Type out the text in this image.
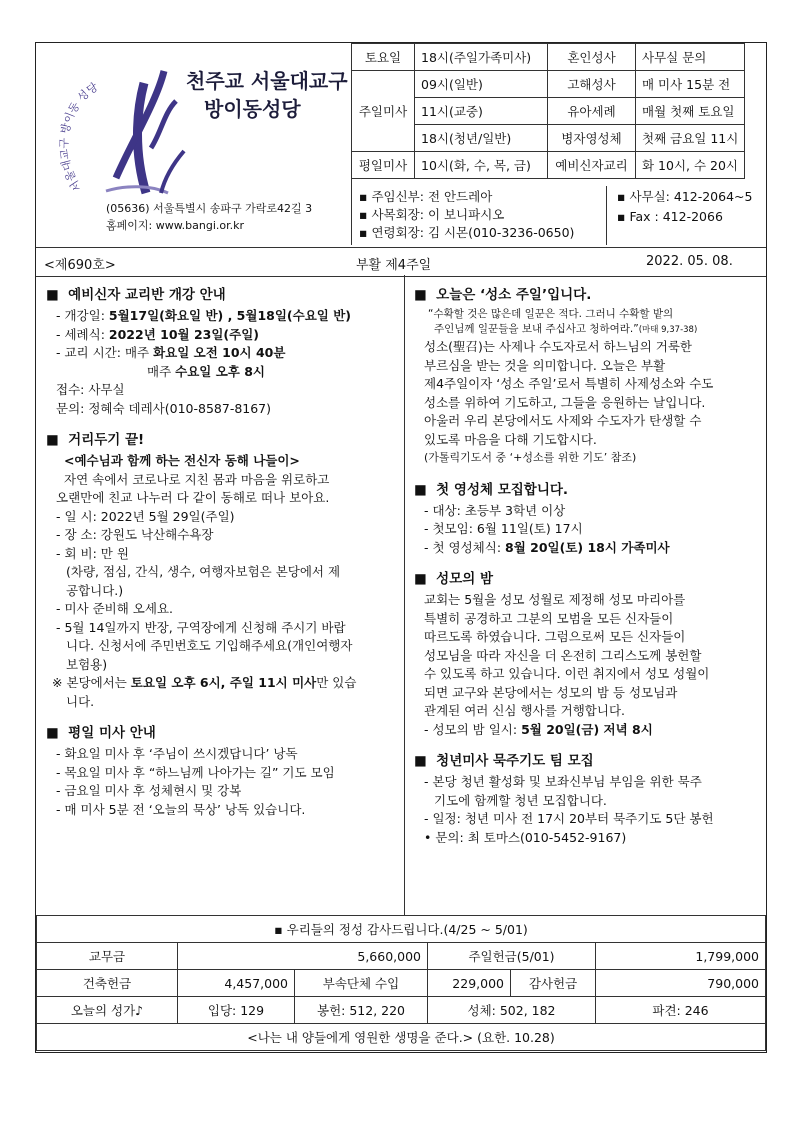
서울대교구 방이동 성당	천주교 서울대교구
방이동성당
(05636) 서울특별시 송파구 가락로42길 3
홈페이지: www.bangi.or.kr
토요일	18시(주일가족미사)	혼인성사	사무실 문의
주일미사	09시(일반)	고해성사	매 미사 15분 전
	11시(교중)	유아세례	매월 첫째 토요일
	18시(청년/일반)	병자영성체	첫째 금요일 11시
평일미사	10시(화, 수, 목, 금)	예비신자교리	화 10시, 수 20시
▪ 주임신부: 전 안드레아
▪ 사목회장: 이 보니파시오
▪ 연령회장: 김 시몬(010-3236-0650)
▪ 사무실: 412-2064~5
▪ Fax : 412-2066
<제690호>	부활 제4주일	2022. 05. 08.
■  예비신자 교리반 개강 안내
- 개강일: 5월17일(화요일 반) , 5월18일(수요일 반)
- 세례식: 2022년 10월 23일(주일)
- 교리 시간: 매주 화요일 오전 10시 40분
매주 수요일 오후 8시
접수: 사무실
문의: 정혜숙 데레사(010-8587-8167)
■  거리두기 끝!
<예수님과 함께 하는 전신자 동해 나들이>
자연 속에서 코로나로 지친 몸과 마음을 위로하고
오랜만에 친교 나누러 다 같이 동해로 떠나 보아요.
- 일 시: 2022년 5월 29일(주일)
- 장 소: 강원도 낙산해수욕장
- 회 비: 만 원
(차량, 점심, 간식, 생수, 여행자보험은 본당에서 제
공합니다.)
- 미사 준비해 오세요.
- 5월 14일까지 반장, 구역장에게 신청해 주시기 바랍
니다. 신청서에 주민번호도 기입해주세요(개인여행자
보험용)
※ 본당에서는 토요일 오후 6시, 주일 11시 미사만 있습
니다.
■  평일 미사 안내
- 화요일 미사 후 ‘주님이 쓰시겠답니다’ 낭독
- 목요일 미사 후 “하느님께 나아가는 길” 기도 모임
- 금요일 미사 후 성체현시 및 강복
- 매 미사 5분 전 ‘오늘의 묵상’ 낭독 있습니다.
■  오늘은 ‘성소 주일’입니다.
“수확할 것은 많은데 일꾼은 적다. 그러니 수확할 밭의
주인님께 일꾼들을 보내 주십사고 청하여라.”(마태 9,37-38)
성소(聖召)는 사제나 수도자로서 하느님의 거룩한
부르심을 받는 것을 의미합니다. 오늘은 부활
제4주일이자 ‘성소 주일’로서 특별히 사제성소와 수도
성소를 위하여 기도하고, 그들을 응원하는 날입니다.
아울러 우리 본당에서도 사제와 수도자가 탄생할 수
있도록 마음을 다해 기도합시다.
(가톨릭기도서 중 ‘+성소를 위한 기도’ 참조)
■  첫 영성체 모집합니다.
- 대상: 초등부 3학년 이상
- 첫모임: 6월 11일(토) 17시
- 첫 영성체식: 8월 20일(토) 18시 가족미사
■  성모의 밤
교회는 5월을 성모 성월로 제정해 성모 마리아를
특별히 공경하고 그분의 모범을 모든 신자들이
따르도록 하였습니다. 그럼으로써 모든 신자들이
성모님을 따라 자신을 더 온전히 그리스도께 봉헌할
수 있도록 하고 있습니다. 이런 취지에서 성모 성월이
되면 교구와 본당에서는 성모의 밤 등 성모님과
관계된 여러 신심 행사를 거행합니다.
- 성모의 밤 일시: 5월 20일(금) 저녁 8시
■  청년미사 묵주기도 팀 모집
- 본당 청년 활성화 및 보좌신부님 부임을 위한 묵주
기도에 함께할 청년 모집합니다.
- 일정: 청년 미사 전 17시 20부터 묵주기도 5단 봉헌
• 문의: 최 토마스(010-5452-9167)
▪ 우리들의 정성 감사드립니다.(4/25 ~ 5/01)					
교무금	5,660,000		주일헌금(5/01)		1,799,000
건축헌금	4,457,000	부속단체 수입	229,000	감사헌금	790,000
오늘의 성가♪	입당: 129	봉헌: 512, 220	성체: 502, 182		파견: 246
<나는 내 양들에게 영원한 생명을 준다.> (요한. 10.28)					
